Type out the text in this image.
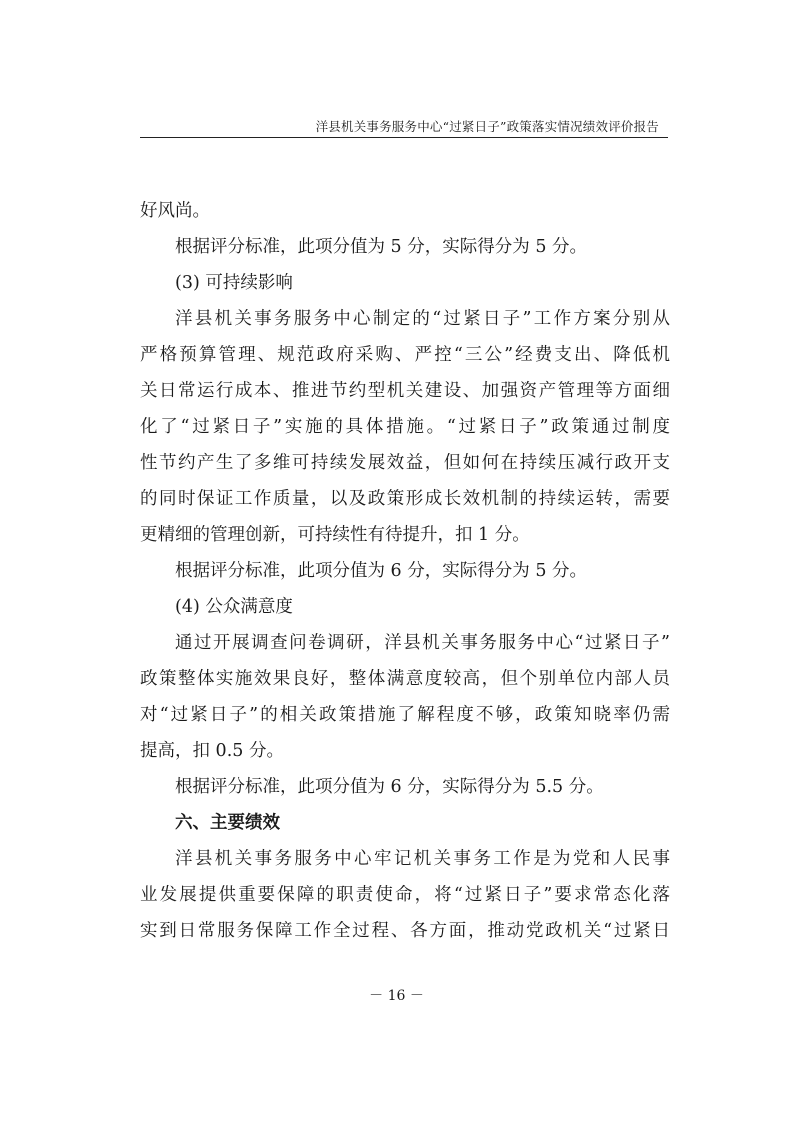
洋县机关事务服务中心“过紧日子”政策落实情况绩效评价报告
好风尚。
根据评分标准，此项分值为 5 分，实际得分为 5 分。
(3) 可持续影响
洋县机关事务服务中心制定的“过紧日子”工作方案分别从
严格预算管理、规范政府采购、严控“三公”经费支出、降低机
关日常运行成本、推进节约型机关建设、加强资产管理等方面细
化了“过紧日子”实施的具体措施。“过紧日子”政策通过制度
性节约产生了多维可持续发展效益，但如何在持续压减行政开支
的同时保证工作质量，以及政策形成长效机制的持续运转，需要
更精细的管理创新，可持续性有待提升，扣 1 分。
根据评分标准，此项分值为 6 分，实际得分为 5 分。
(4) 公众满意度
通过开展调查问卷调研，洋县机关事务服务中心“过紧日子”
政策整体实施效果良好，整体满意度较高，但个别单位内部人员
对“过紧日子”的相关政策措施了解程度不够，政策知晓率仍需
提高，扣 0.5 分。
根据评分标准，此项分值为 6 分，实际得分为 5.5 分。
六、主要绩效
洋县机关事务服务中心牢记机关事务工作是为党和人民事
业发展提供重要保障的职责使命，将“过紧日子”要求常态化落
实到日常服务保障工作全过程、各方面，推动党政机关“过紧日
－ 16 －
